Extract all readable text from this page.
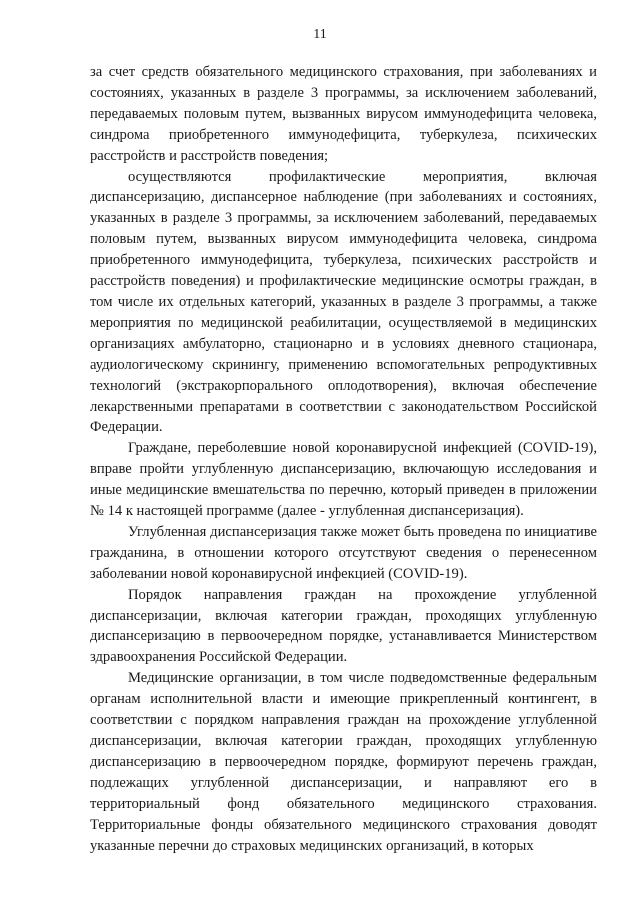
11

за счет средств обязательного медицинского страхования, при заболеваниях и состояниях, указанных в разделе 3 программы, за исключением заболеваний, передаваемых половым путем, вызванных вирусом иммунодефицита человека, синдрома приобретенного иммунодефицита, туберкулеза, психических расстройств и расстройств поведения;

осуществляются профилактические мероприятия, включая диспансеризацию, диспансерное наблюдение (при заболеваниях и состояниях, указанных в разделе 3 программы, за исключением заболеваний, передаваемых половым путем, вызванных вирусом иммунодефицита человека, синдрома приобретенного иммунодефицита, туберкулеза, психических расстройств и расстройств поведения) и профилактические медицинские осмотры граждан, в том числе их отдельных категорий, указанных в разделе 3 программы, а также мероприятия по медицинской реабилитации, осуществляемой в медицинских организациях амбулаторно, стационарно и в условиях дневного стационара, аудиологическому скринингу, применению вспомогательных репродуктивных технологий (экстракорпорального оплодотворения), включая обеспечение лекарственными препаратами в соответствии с законодательством Российской Федерации.

Граждане, переболевшие новой коронавирусной инфекцией (COVID-19), вправе пройти углубленную диспансеризацию, включающую исследования и иные медицинские вмешательства по перечню, который приведен в приложении № 14 к настоящей программе (далее - углубленная диспансеризация).

Углубленная диспансеризация также может быть проведена по инициативе гражданина, в отношении которого отсутствуют сведения о перенесенном заболевании новой коронавирусной инфекцией (COVID-19).

Порядок направления граждан на прохождение углубленной диспансеризации, включая категории граждан, проходящих углубленную диспансеризацию в первоочередном порядке, устанавливается Министерством здравоохранения Российской Федерации.

Медицинские организации, в том числе подведомственные федеральным органам исполнительной власти и имеющие прикрепленный контингент, в соответствии с порядком направления граждан на прохождение углубленной диспансеризации, включая категории граждан, проходящих углубленную диспансеризацию в первоочередном порядке, формируют перечень граждан, подлежащих углубленной диспансеризации, и направляют его в территориальный фонд обязательного медицинского страхования. Территориальные фонды обязательного медицинского страхования доводят указанные перечни до страховых медицинских организаций, в которых
